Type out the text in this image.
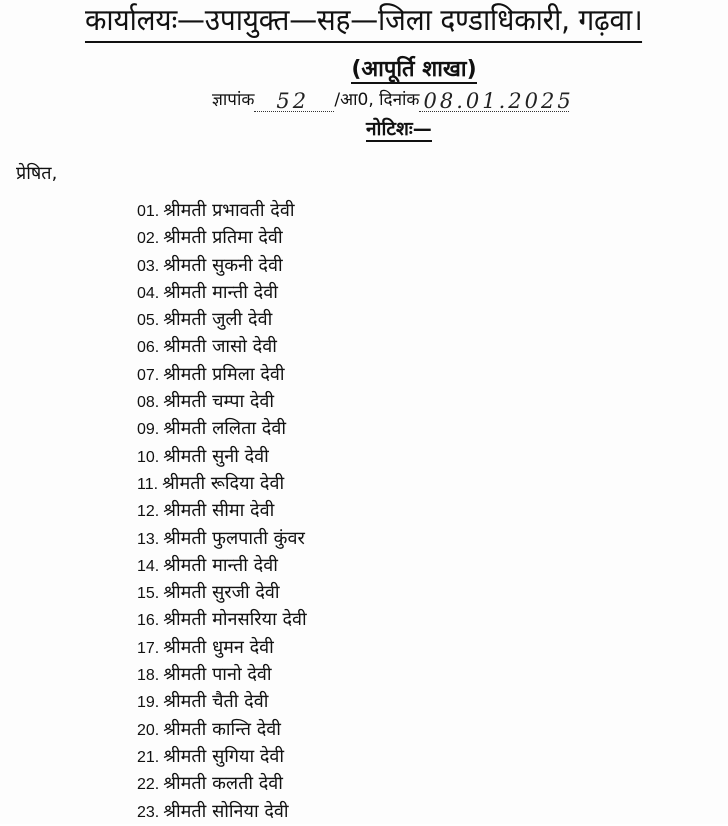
कार्यालयः—उपायुक्त—सह—जिला दण्डाधिकारी, गढ़वा।
(आपूर्ति शाखा)
ज्ञापांक 52 /आ0, दिनांक 08.01.2025
नोटिशः—
प्रेषित,
01. श्रीमती प्रभावती देवी
02. श्रीमती प्रतिमा देवी
03. श्रीमती सुकनी देवी
04. श्रीमती मान्ती देवी
05. श्रीमती जुली देवी
06. श्रीमती जासो देवी
07. श्रीमती प्रमिला देवी
08. श्रीमती चम्पा देवी
09. श्रीमती ललिता देवी
10. श्रीमती सुनी देवी
11. श्रीमती रूदिया देवी
12. श्रीमती सीमा देवी
13. श्रीमती फुलपाती कुंवर
14. श्रीमती मान्ती देवी
15. श्रीमती सुरजी देवी
16. श्रीमती मोनसरिया देवी
17. श्रीमती धुमन देवी
18. श्रीमती पानो देवी
19. श्रीमती चैती देवी
20. श्रीमती कान्ति देवी
21. श्रीमती सुगिया देवी
22. श्रीमती कलती देवी
23. श्रीमती सोनिया देवी
